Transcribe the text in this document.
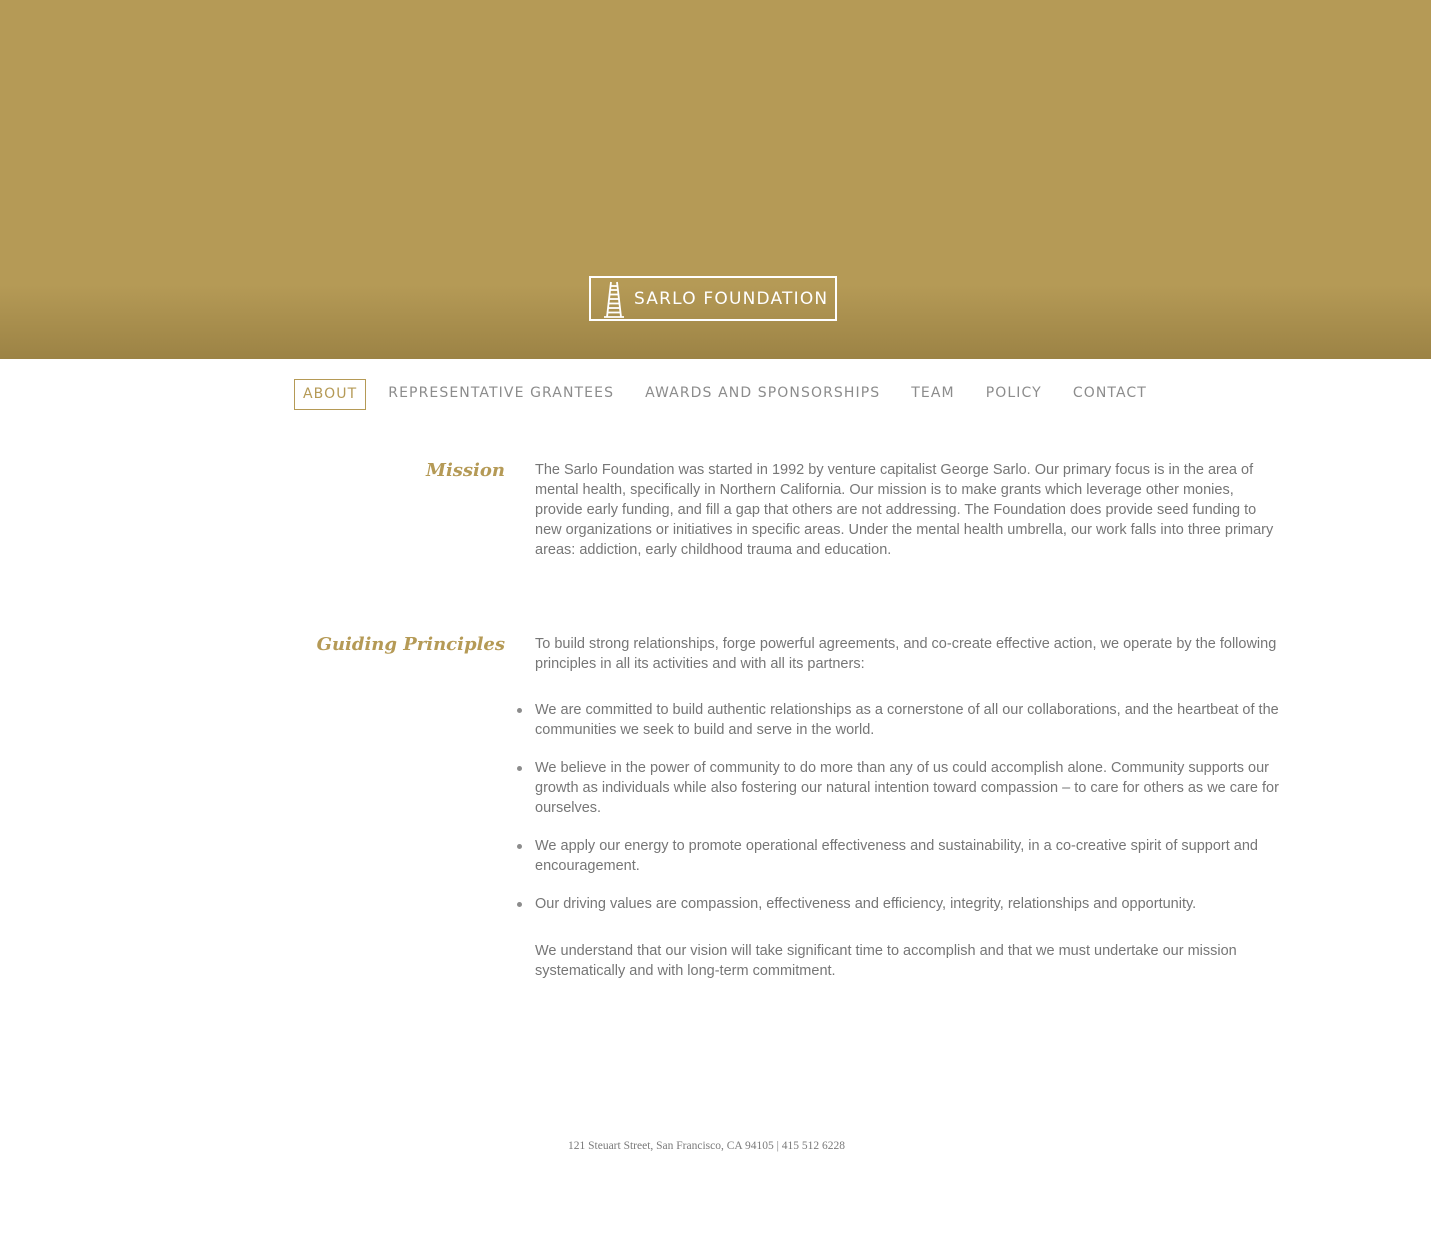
SARLO FOUNDATION
ABOUT	REPRESENTATIVE GRANTEES AWARDS AND SPONSORSHIPS TEAM POLICY CONTACT
Mission The Sarlo Foundation was started in 1992 by venture capitalist George Sarlo. Our primary focus is in the area of mental health, specifically in Northern California. Our mission is to make grants which leverage other monies, provide early funding, and fill a gap that others are not addressing. The Foundation does provide seed funding to new organizations or initiatives in specific areas. Under the mental health umbrella, our work falls into three primary areas: addiction, early childhood trauma and education.

Guiding Principles To build strong relationships, forge powerful agreements, and co-create effective action, we operate by the following principles in all its activities and with all its partners:

We are committed to build authentic relationships as a cornerstone of all our collaborations, and the heartbeat of the communities we seek to build and serve in the world.
We believe in the power of community to do more than any of us could accomplish alone. Community supports our growth as individuals while also fostering our natural intention toward compassion – to care for others as we care for ourselves.
We apply our energy to promote operational effectiveness and sustainability, in a co-creative spirit of support and encouragement.
Our driving values are compassion, effectiveness and efficiency, integrity, relationships and opportunity.

We understand that our vision will take significant time to accomplish and that we must undertake our mission systematically and with long-term commitment.

121 Steuart Street, San Francisco, CA 94105 | 415 512 6228
